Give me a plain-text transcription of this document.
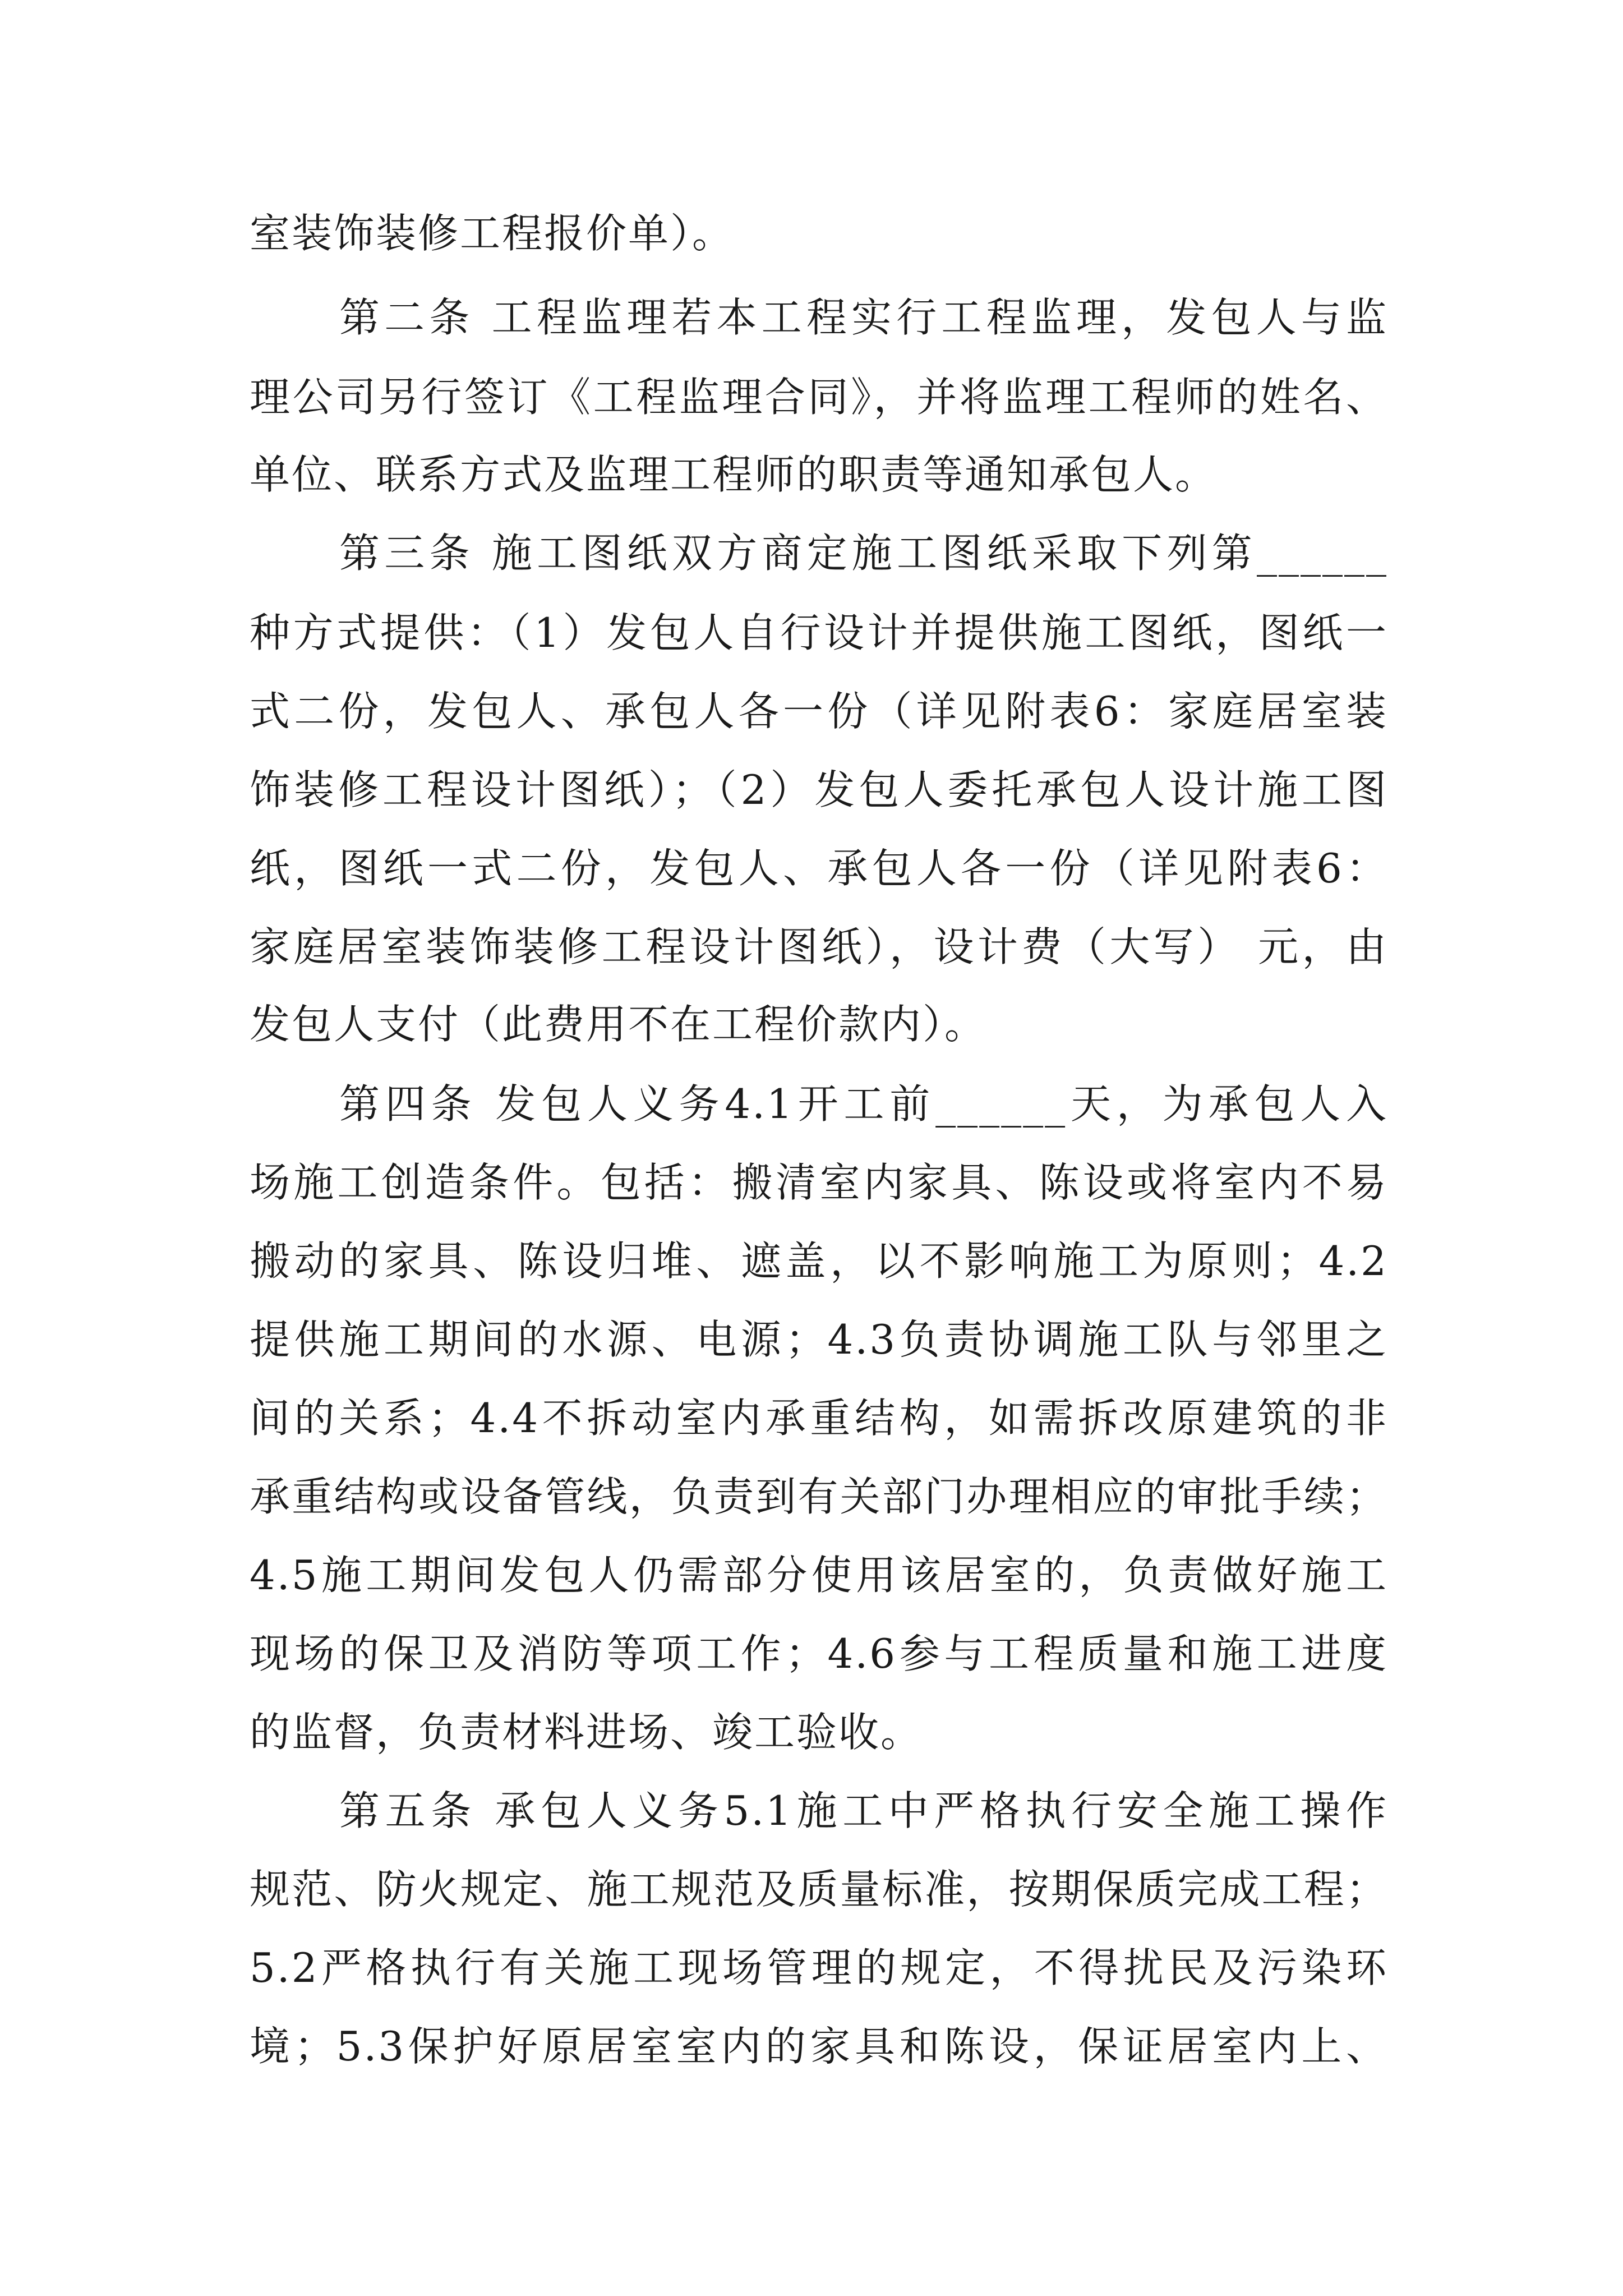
室装饰装修工程报价单）。
第二条 工程监理若本工程实行工程监理，发包人与监
理公司另行签订《工程监理合同》，并将监理工程师的姓名、
单位、联系方式及监理工程师的职责等通知承包人。
第三条 施工图纸双方商定施工图纸采取下列第______
种方式提供：（1）发包人自行设计并提供施工图纸，图纸一
式二份，发包人、承包人各一份（详见附表6：家庭居室装
饰装修工程设计图纸）；（2）发包人委托承包人设计施工图
纸，图纸一式二份，发包人、承包人各一份（详见附表6：
家庭居室装饰装修工程设计图纸），设计费（大写） 元，由
发包人支付（此费用不在工程价款内）。
第四条 发包人义务4.1开工前______天，为承包人入
场施工创造条件。包括：搬清室内家具、陈设或将室内不易
搬动的家具、陈设归堆、遮盖，以不影响施工为原则；4.2
提供施工期间的水源、电源；4.3负责协调施工队与邻里之
间的关系；4.4不拆动室内承重结构，如需拆改原建筑的非
承重结构或设备管线，负责到有关部门办理相应的审批手续；
4.5施工期间发包人仍需部分使用该居室的，负责做好施工
现场的保卫及消防等项工作；4.6参与工程质量和施工进度
的监督，负责材料进场、竣工验收。
第五条 承包人义务5.1施工中严格执行安全施工操作
规范、防火规定、施工规范及质量标准，按期保质完成工程；
5.2严格执行有关施工现场管理的规定，不得扰民及污染环
境；5.3保护好原居室室内的家具和陈设，保证居室内上、
